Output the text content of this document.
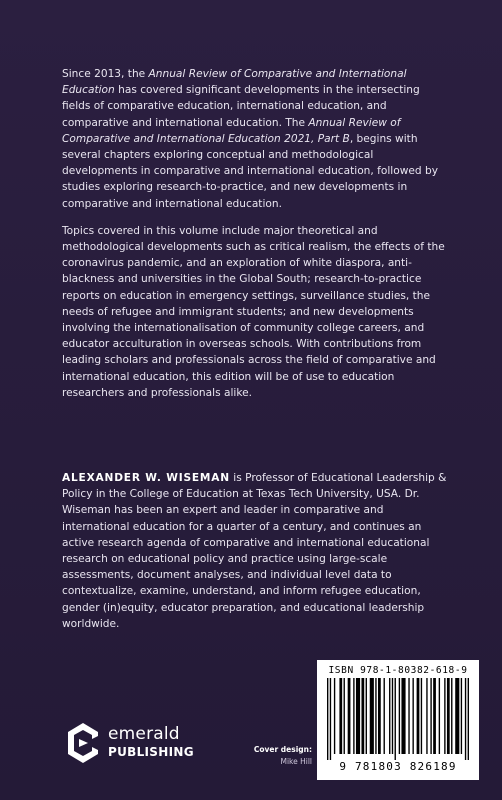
Since 2013, the Annual Review of Comparative and International Education has covered significant developments in the intersecting fields of comparative education, international education, and comparative and international education. The Annual Review of Comparative and International Education 2021, Part B, begins with several chapters exploring conceptual and methodological developments in comparative and international education, followed by studies exploring research-to-practice, and new developments in comparative and international education.

Topics covered in this volume include major theoretical and methodological developments such as critical realism, the effects of the coronavirus pandemic, and an exploration of white diaspora, anti-blackness and universities in the Global South; research-to-practice reports on education in emergency settings, surveillance studies, the needs of refugee and immigrant students; and new developments involving the internationalisation of community college careers, and educator acculturation in overseas schools. With contributions from leading scholars and professionals across the field of comparative and international education, this edition will be of use to education researchers and professionals alike.

ALEXANDER W. WISEMAN is Professor of Educational Leadership & Policy in the College of Education at Texas Tech University, USA. Dr. Wiseman has been an expert and leader in comparative and international education for a quarter of a century, and continues an active research agenda of comparative and international educational research on educational policy and practice using large-scale assessments, document analyses, and individual level data to contextualize, examine, understand, and inform refugee education, gender (in)equity, educator preparation, and educational leadership worldwide.
emerald
PUBLISHING	Cover design:
Mike Hill
ISBN 978-1-80382-618-9
9 781803 826189
